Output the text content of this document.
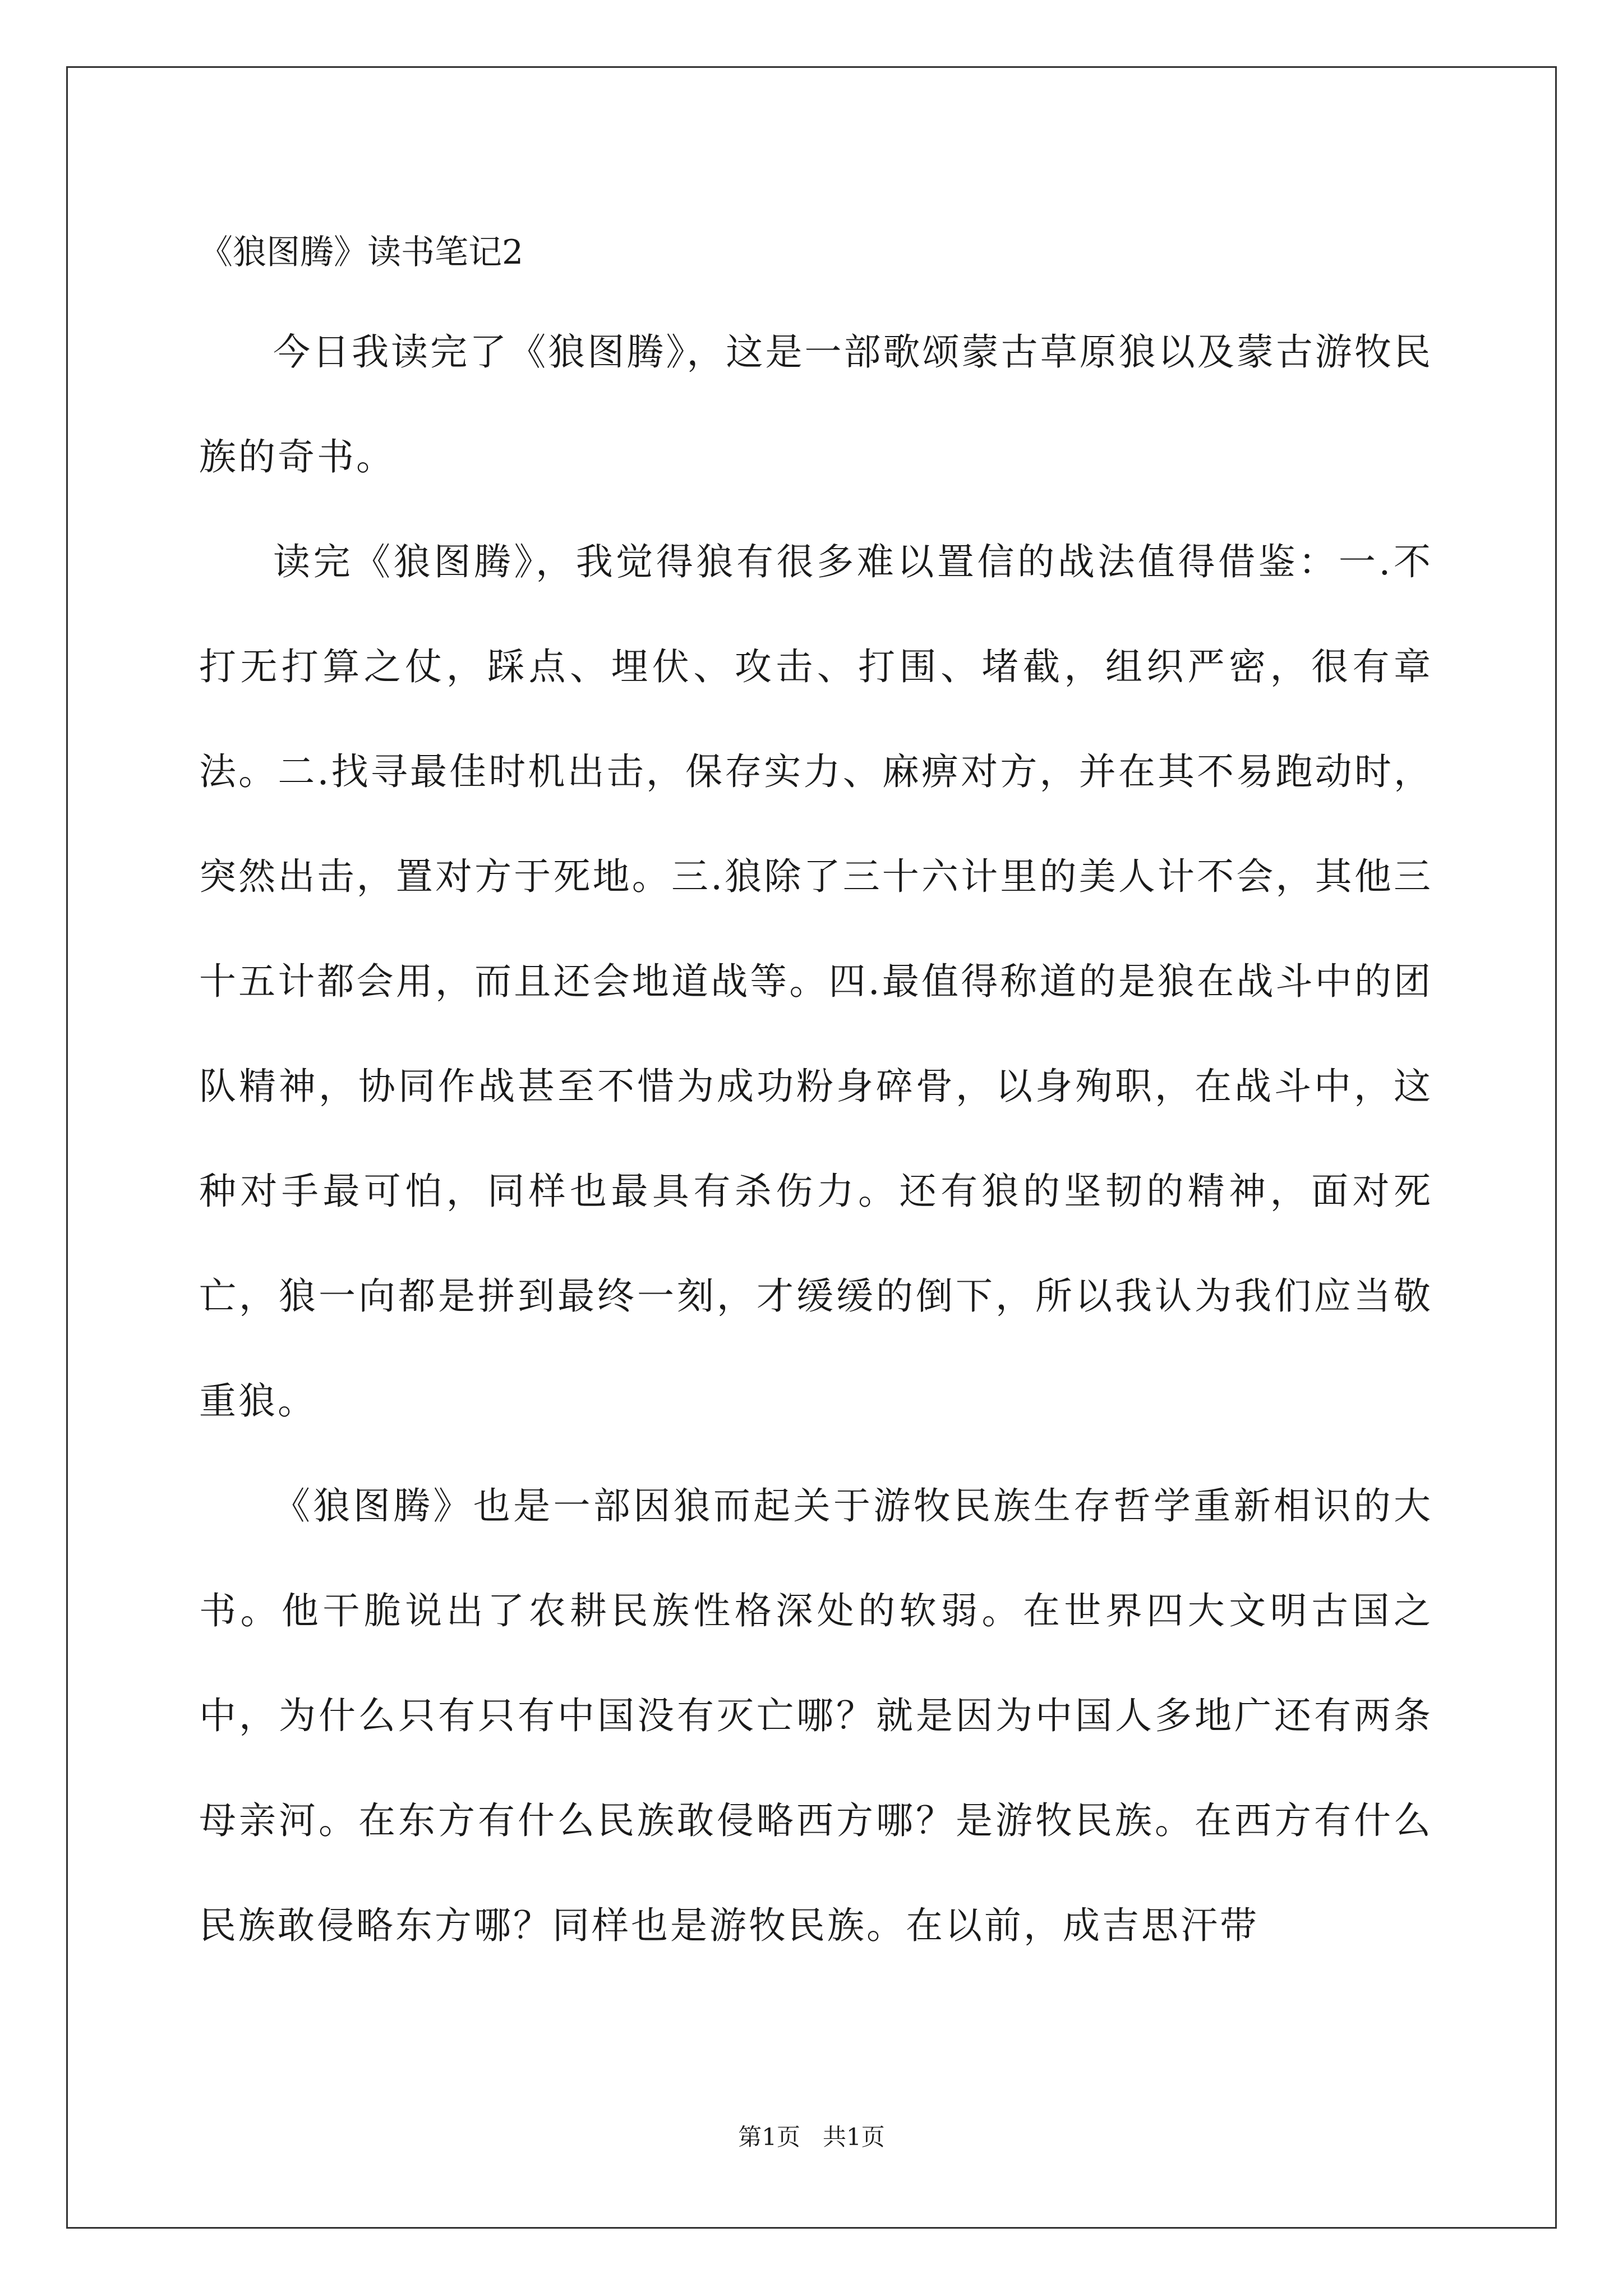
《狼图腾》读书笔记2

今日我读完了《狼图腾》，这是一部歌颂蒙古草原狼以及蒙古游牧民族的奇书。

读完《狼图腾》，我觉得狼有很多难以置信的战法值得借鉴：一.不打无打算之仗，踩点、埋伏、攻击、打围、堵截，组织严密，很有章法。二.找寻最佳时机出击，保存实力、麻痹对方，并在其不易跑动时，突然出击，置对方于死地。三.狼除了三十六计里的美人计不会，其他三十五计都会用，而且还会地道战等。四.最值得称道的是狼在战斗中的团队精神，协同作战甚至不惜为成功粉身碎骨，以身殉职，在战斗中，这种对手最可怕，同样也最具有杀伤力。还有狼的坚韧的精神，面对死亡，狼一向都是拼到最终一刻，才缓缓的倒下，所以我认为我们应当敬重狼。

《狼图腾》也是一部因狼而起关于游牧民族生存哲学重新相识的大书。他干脆说出了农耕民族性格深处的软弱。在世界四大文明古国之中，为什么只有只有中国没有灭亡哪？就是因为中国人多地广还有两条母亲河。在东方有什么民族敢侵略西方哪？是游牧民族。在西方有什么民族敢侵略东方哪？同样也是游牧民族。在以前，成吉思汗带

第1页   共1页
